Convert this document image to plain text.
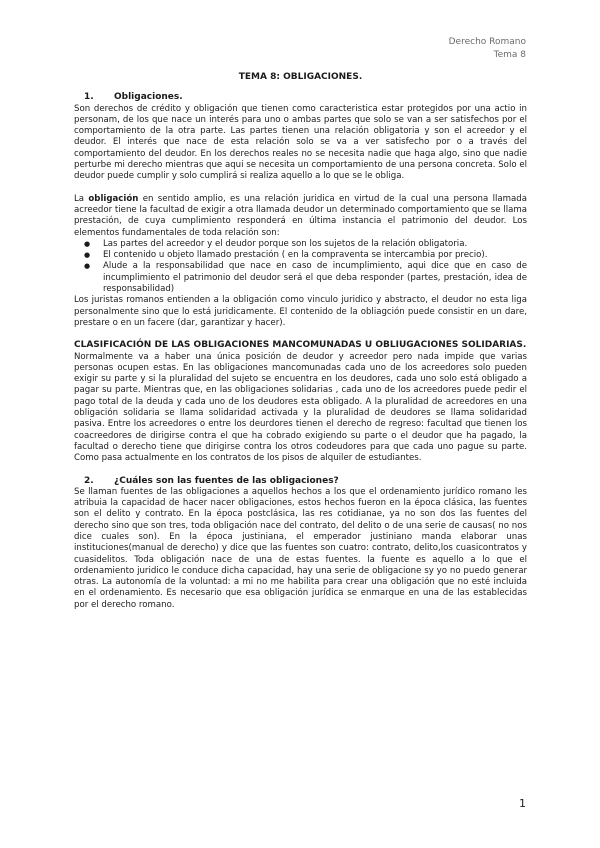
Derecho Romano
Tema 8
TEMA 8: OBLIGACIONES.
1. Obligaciones.

Son derechos de crédito y obligación que tienen como caracteristica estar protegidos por una actio in personam, de los que nace un interés para uno o ambas partes que solo se van a ser satisfechos por el comportamiento de la otra parte. Las partes tienen una relación obligatoria y son el acreedor y el deudor. El interés que nace de esta relación solo se va a ver satisfecho por o a través del comportamiento del deudor. En los derechos reales no se necesita nadie que haga algo, sino que nadie perturbe mi derecho mientras que aqui se necesita un comportamiento de una persona concreta. Solo el deudor puede cumplir y solo cumplirá si realiza aquello a lo que se le obliga.

La obligación en sentido amplio, es una relación juridica en virtud de la cual una persona llamada acreedor tiene la facultad de exigir a otra llamada deudor un determinado comportamiento que se llama prestación, de cuya cumplimiento responderá en última instancia el patrimonio del deudor. Los elementos fundamentales de toda relación son:

● Las partes del acreedor y el deudor porque son los sujetos de la relación obligatoria.
● El contenido u objeto llamado prestación ( en la compraventa se intercambia por precio).
● Alude a la responsabilidad que nace en caso de incumplimiento, aqui dice que en caso de incumplimiento el patrimonio del deudor será el que deba responder (partes, prestación, idea de responsabilidad)

Los juristas romanos entienden a la obligación como vinculo juridico y abstracto, el deudor no esta liga personalmente sino que lo está juridicamente. El contenido de la obliagción puede consistir en un dare, prestare o en un facere (dar, garantizar y hacer).

CLASIFICACIÓN DE LAS OBLIGACIONES MANCOMUNADAS U OBLIUGACIONES SOLIDARIAS.

Normalmente va a haber una única posición de deudor y acreedor pero nada impide que varias personas ocupen estas. En las obligaciones mancomunadas cada uno de los acreedores solo pueden exigir su parte y si la pluralidad del sujeto se encuentra en los deudores, cada uno solo está obligado a pagar su parte. Mientras que, en las obligaciones solidarias , cada uno de los acreedores puede pedir el pago total de la deuda y cada uno de los deudores esta obligado. A la pluralidad de acreedores en una obligación solidaria se llama solidaridad activada y la pluralidad de deudores se llama solidaridad pasiva. Entre los acreedores o entre los deurdores tienen el derecho de regreso: facultad que tienen los coacreedores de dirigirse contra el que ha cobrado exigiendo su parte o el deudor que ha pagado, la facultad o derecho tiene que dirigirse contra los otros codeudores para que cada uno pague su parte. Como pasa actualmente en los contratos de los pisos de alquiler de estudiantes.

2. ¿Cuáles son las fuentes de las obligaciones?

Se llaman fuentes de las obligaciones a aquellos hechos a los que el ordenamiento jurídico romano les atribuia la capacidad de hacer nacer obligaciones, estos hechos fueron en la época clásica, las fuentes son el delito y contrato. En la época postclásica, las res cotidianae, ya no son dos las fuentes del derecho sino que son tres, toda obligación nace del contrato, del delito o de una serie de causas( no nos dice cuales son). En la época justiniana, el emperador justiniano manda elaborar unas instituciones(manual de derecho) y dice que las fuentes son cuatro: contrato, delito,los cuasicontratos y cuasidelitos. Toda obligación nace de una de estas fuentes. la fuente es aquello a lo que el ordenamiento juridico le conduce dicha capacidad, hay una serie de obligacione sy yo no puedo generar otras. La autonomía de la voluntad: a mi no me habilita para crear una obligación que no esté incluida en el ordenamiento. Es necesario que esa obligación jurídica se enmarque en una de las establecidas por el derecho romano.

1
